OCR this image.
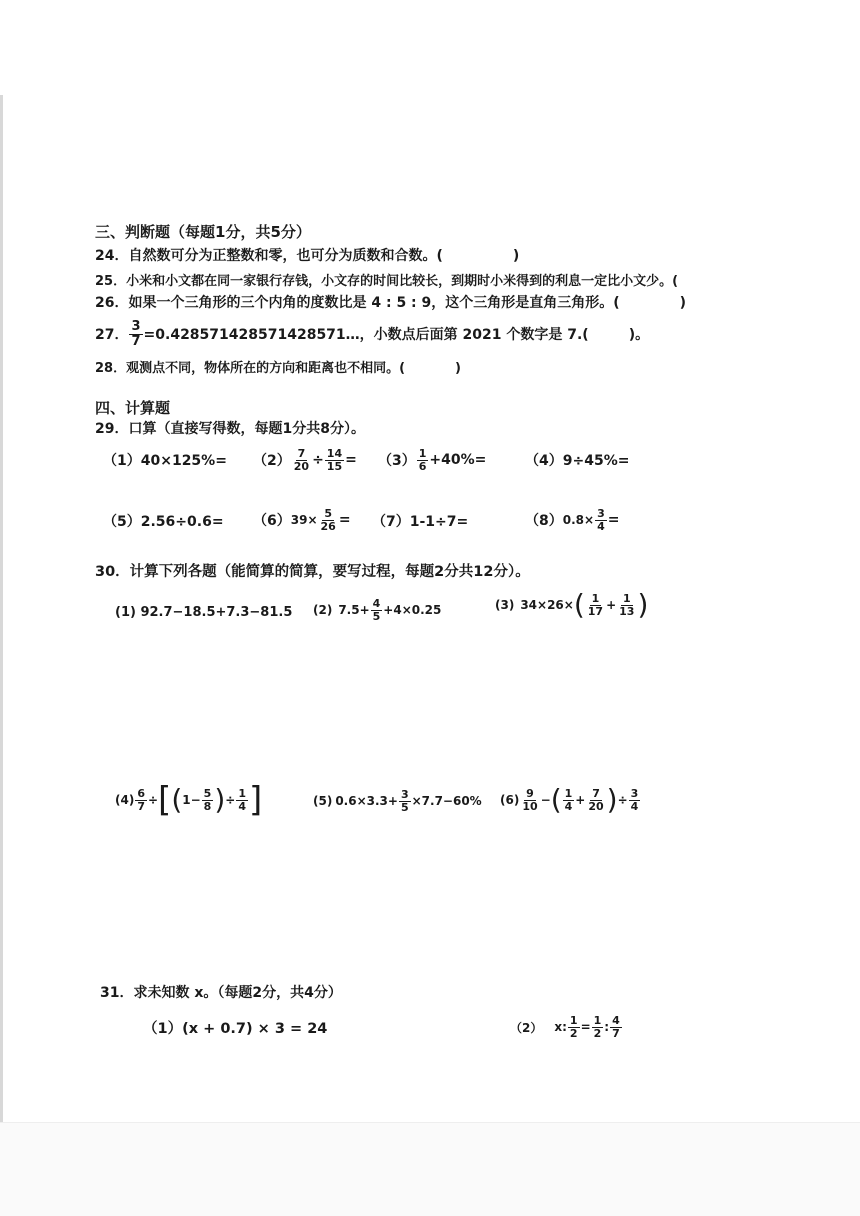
三、判断题（每题1分，共5分）
24．自然数可分为正整数和零，也可分为质数和合数。(	)
25．小米和小文都在同一家银行存钱，小文存的时间比较长，到期时小米得到的利息一定比小文少。(
26．如果一个三角形的三个内角的度数比是 4 : 5 : 9，这个三角形是直角三角形。(	)
27． $\frac{3}{7}$ =0.428571428571428571…，小数点后面第 2021 个数字是 7.(	)。
28．观测点不同，物体所在的方向和距离也不相同。(	)
四、计算题
29．口算（直接写得数，每题1分共8分）。
$(1)40\times 125\%= (2) \frac{7}{20} \div \frac{14}{15} = (3) \frac{1}{6} +40\%=$	（4）9÷45%=
（5）2.56÷0.6= （6） $39\times \frac{5}{26} = (7)1-1\div 7=$	（8） $0.8\times \frac{3}{4}$ =
30．计算下列各题（能简算的简算，要写过程，每题2分共12分）。
(1) 92.7−18.5+7.3−81.5 (2) $7.5+ \frac{4}{5} +4\times 0.25$	(3) 34×26× ( $\frac{1}{17} + \frac{1}{13}$ )
$(4) \frac{6}{7}$ ÷ [ ( $1- \frac{5}{8}$ ) ÷ $\frac{1}{4}$ ]	(5) $0.6\times 3.3+ \frac{3}{5} \times 7.7-60\%$ $(6) \frac{9}{10}$ − ( $\frac{1}{4} + \frac{7}{20}$ ) ÷ $\frac{3}{4}$
31．求未知数 x。（每题2分，共4分）
（1）(x + 0.7) × 3 = 24	（2） x: $\frac{1}{2} = \frac{1}{2}$ : $\frac{4}{7}$
